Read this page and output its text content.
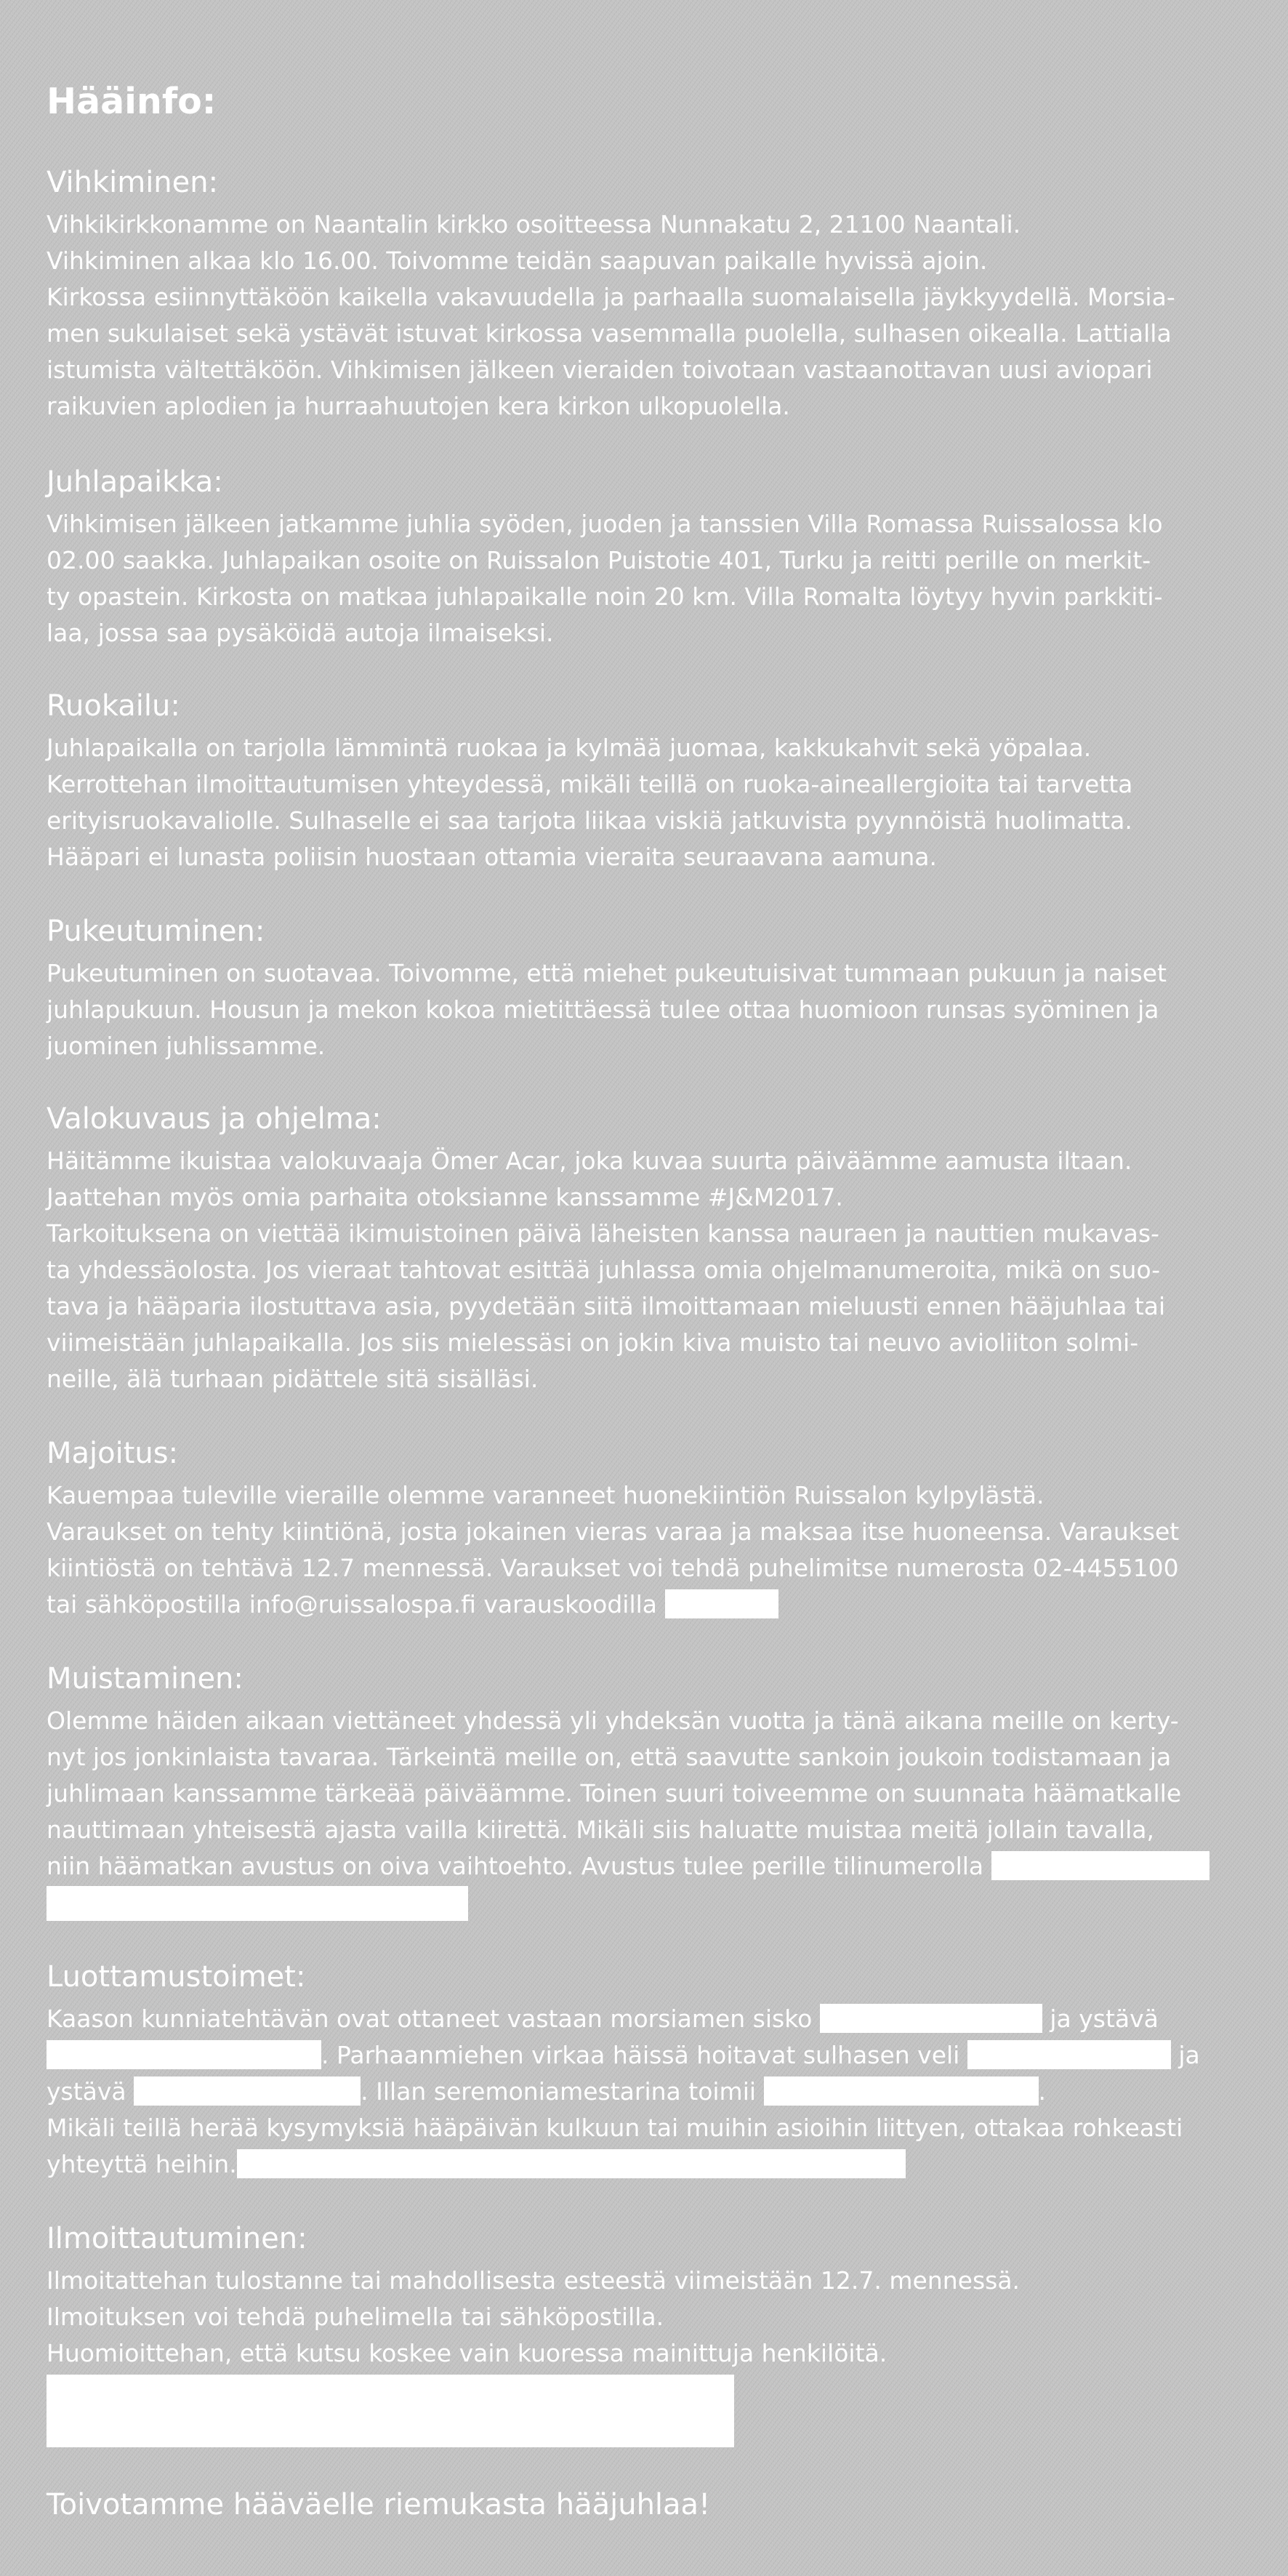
Hääinfo:
Vihkiminen:

Vihkikirkkonamme on Naantalin kirkko osoitteessa Nunnakatu 2, 21100 Naantali.

Vihkiminen alkaa klo 16.00. Toivomme teidän saapuvan paikalle hyvissä ajoin.

Kirkossa esiinnyttäköön kaikella vakavuudella ja parhaalla suomalaisella jäykkyydellä. Morsia-
men sukulaiset sekä ystävät istuvat kirkossa vasemmalla puolella, sulhasen oikealla. Lattialla
istumista vältettäköön. Vihkimisen jälkeen vieraiden toivotaan vastaanottavan uusi aviopari
raikuvien aplodien ja hurraahuutojen kera kirkon ulkopuolella.

Juhlapaikka:

Vihkimisen jälkeen jatkamme juhlia syöden, juoden ja tanssien Villa Romassa Ruissalossa klo
02.00 saakka. Juhlapaikan osoite on Ruissalon Puistotie 401, Turku ja reitti perille on merkit-
ty opastein. Kirkosta on matkaa juhlapaikalle noin 20 km. Villa Romalta löytyy hyvin parkkiti-
laa, jossa saa pysäköidä autoja ilmaiseksi.

Ruokailu:

Juhlapaikalla on tarjolla lämmintä ruokaa ja kylmää juomaa, kakkukahvit sekä yöpalaa.
Kerrottehan ilmoittautumisen yhteydessä, mikäli teillä on ruoka-aineallergioita tai tarvetta
erityisruokavaliolle. Sulhaselle ei saa tarjota liikaa viskiä jatkuvista pyynnöistä huolimatta.
Hääpari ei lunasta poliisin huostaan ottamia vieraita seuraavana aamuna.

Pukeutuminen:

Pukeutuminen on suotavaa. Toivomme, että miehet pukeutuisivat tummaan pukuun ja naiset
juhlapukuun. Housun ja mekon kokoa mietittäessä tulee ottaa huomioon runsas syöminen ja
juominen juhlissamme.

Valokuvaus ja ohjelma:

Häitämme ikuistaa valokuvaaja Ömer Acar, joka kuvaa suurta päiväämme aamusta iltaan.

Jaattehan myös omia parhaita otoksianne kanssamme #J&M2017.

Tarkoituksena on viettää ikimuistoinen päivä läheisten kanssa nauraen ja nauttien mukavas-
ta yhdessäolosta. Jos vieraat tahtovat esittää juhlassa omia ohjelmanumeroita, mikä on suo-
tava ja hääparia ilostuttava asia, pyydetään siitä ilmoittamaan mieluusti ennen hääjuhlaa tai
viimeistään juhlapaikalla. Jos siis mielessäsi on jokin kiva muisto tai neuvo avioliiton solmi-
neille, älä turhaan pidättele sitä sisälläsi.

Majoitus:

Kauempaa tuleville vieraille olemme varanneet huonekiintiön Ruissalon kylpylästä.

Varaukset on tehty kiintiönä, josta jokainen vieras varaa ja maksaa itse huoneensa. Varaukset
kiintiöstä on tehtävä 12.7 mennessä. Varaukset voi tehdä puhelimitse numerosta 02-4455100

tai sähköpostilla info@ruissalospa.fi varauskoodilla

Muistaminen:

Olemme häiden aikaan viettäneet yhdessä yli yhdeksän vuotta ja tänä aikana meille on kerty-
nyt jos jonkinlaista tavaraa. Tärkeintä meille on, että saavutte sankoin joukoin todistamaan ja
juhlimaan kanssamme tärkeää päiväämme. Toinen suuri toiveemme on suunnata häämatkalle
nauttimaan yhteisestä ajasta vailla kiirettä. Mikäli siis haluatte muistaa meitä jollain tavalla,

niin häämatkan avustus on oiva vaihtoehto. Avustus tulee perille tilinumerolla

Luottamustoimet:

Kaason kunniatehtävän ovat ottaneet vastaan morsiamen sisko	ja ystävä

. Parhaanmiehen virkaa häissä hoitavat sulhasen veli	ja

ystävä	. Illan seremoniamestarina toimii	.

Mikäli teillä herää kysymyksiä hääpäivän kulkuun tai muihin asioihin liittyen, ottakaa rohkeasti

yhteyttä heihin.

Ilmoittautuminen:

Ilmoitattehan tulostanne tai mahdollisesta esteestä viimeistään 12.7. mennessä.

Ilmoituksen voi tehdä puhelimella tai sähköpostilla.

Huomioittehan, että kutsu koskee vain kuoressa mainittuja henkilöitä.

Toivotamme hääväelle riemukasta hääjuhlaa!
